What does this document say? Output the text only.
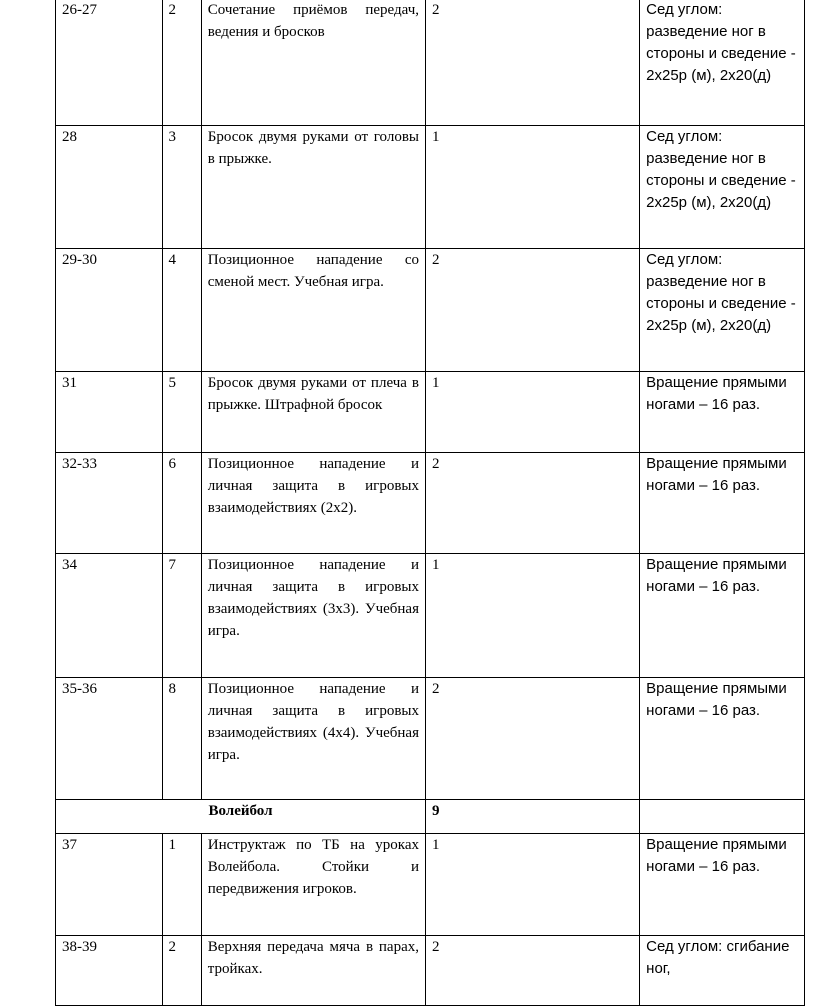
26-27	2	Сочетание приёмов передач, ведения и бросков	2	Сед углом: разведение ног в стороны и сведение - 2х25р (м), 2х20(д)
28	3	Бросок двумя руками от головы в прыжке.	1	Сед углом: разведение ног в стороны и сведение - 2х25р (м), 2х20(д)
29-30	4	Позиционное нападение со сменой мест. Учебная игра.	2	Сед углом: разведение ног в стороны и сведение - 2х25р (м), 2х20(д)
31	5	Бросок двумя руками от плеча в прыжке. Штрафной бросок	1	Вращение прямыми ногами – 16 раз.
32-33	6	Позиционное нападение и личная защита в игровых взаимодействиях (2х2).	2	Вращение прямыми ногами – 16 раз.
34	7	Позиционное нападение и личная защита в игровых взаимодействиях (3х3). Учебная игра.	1	Вращение прямыми ногами – 16 раз.
35-36	8	Позиционное нападение и личная защита в игровых взаимодействиях (4х4). Учебная игра.	2	Вращение прямыми ногами – 16 раз.
Волейбол			9	
37	1	Инструктаж по ТБ на уроках Волейбола. Стойки и передвижения игроков.	1	Вращение прямыми ногами – 16 раз.
38-39	2	Верхняя передача мяча в парах, тройках.	2	Сед углом: сгибание ног,
